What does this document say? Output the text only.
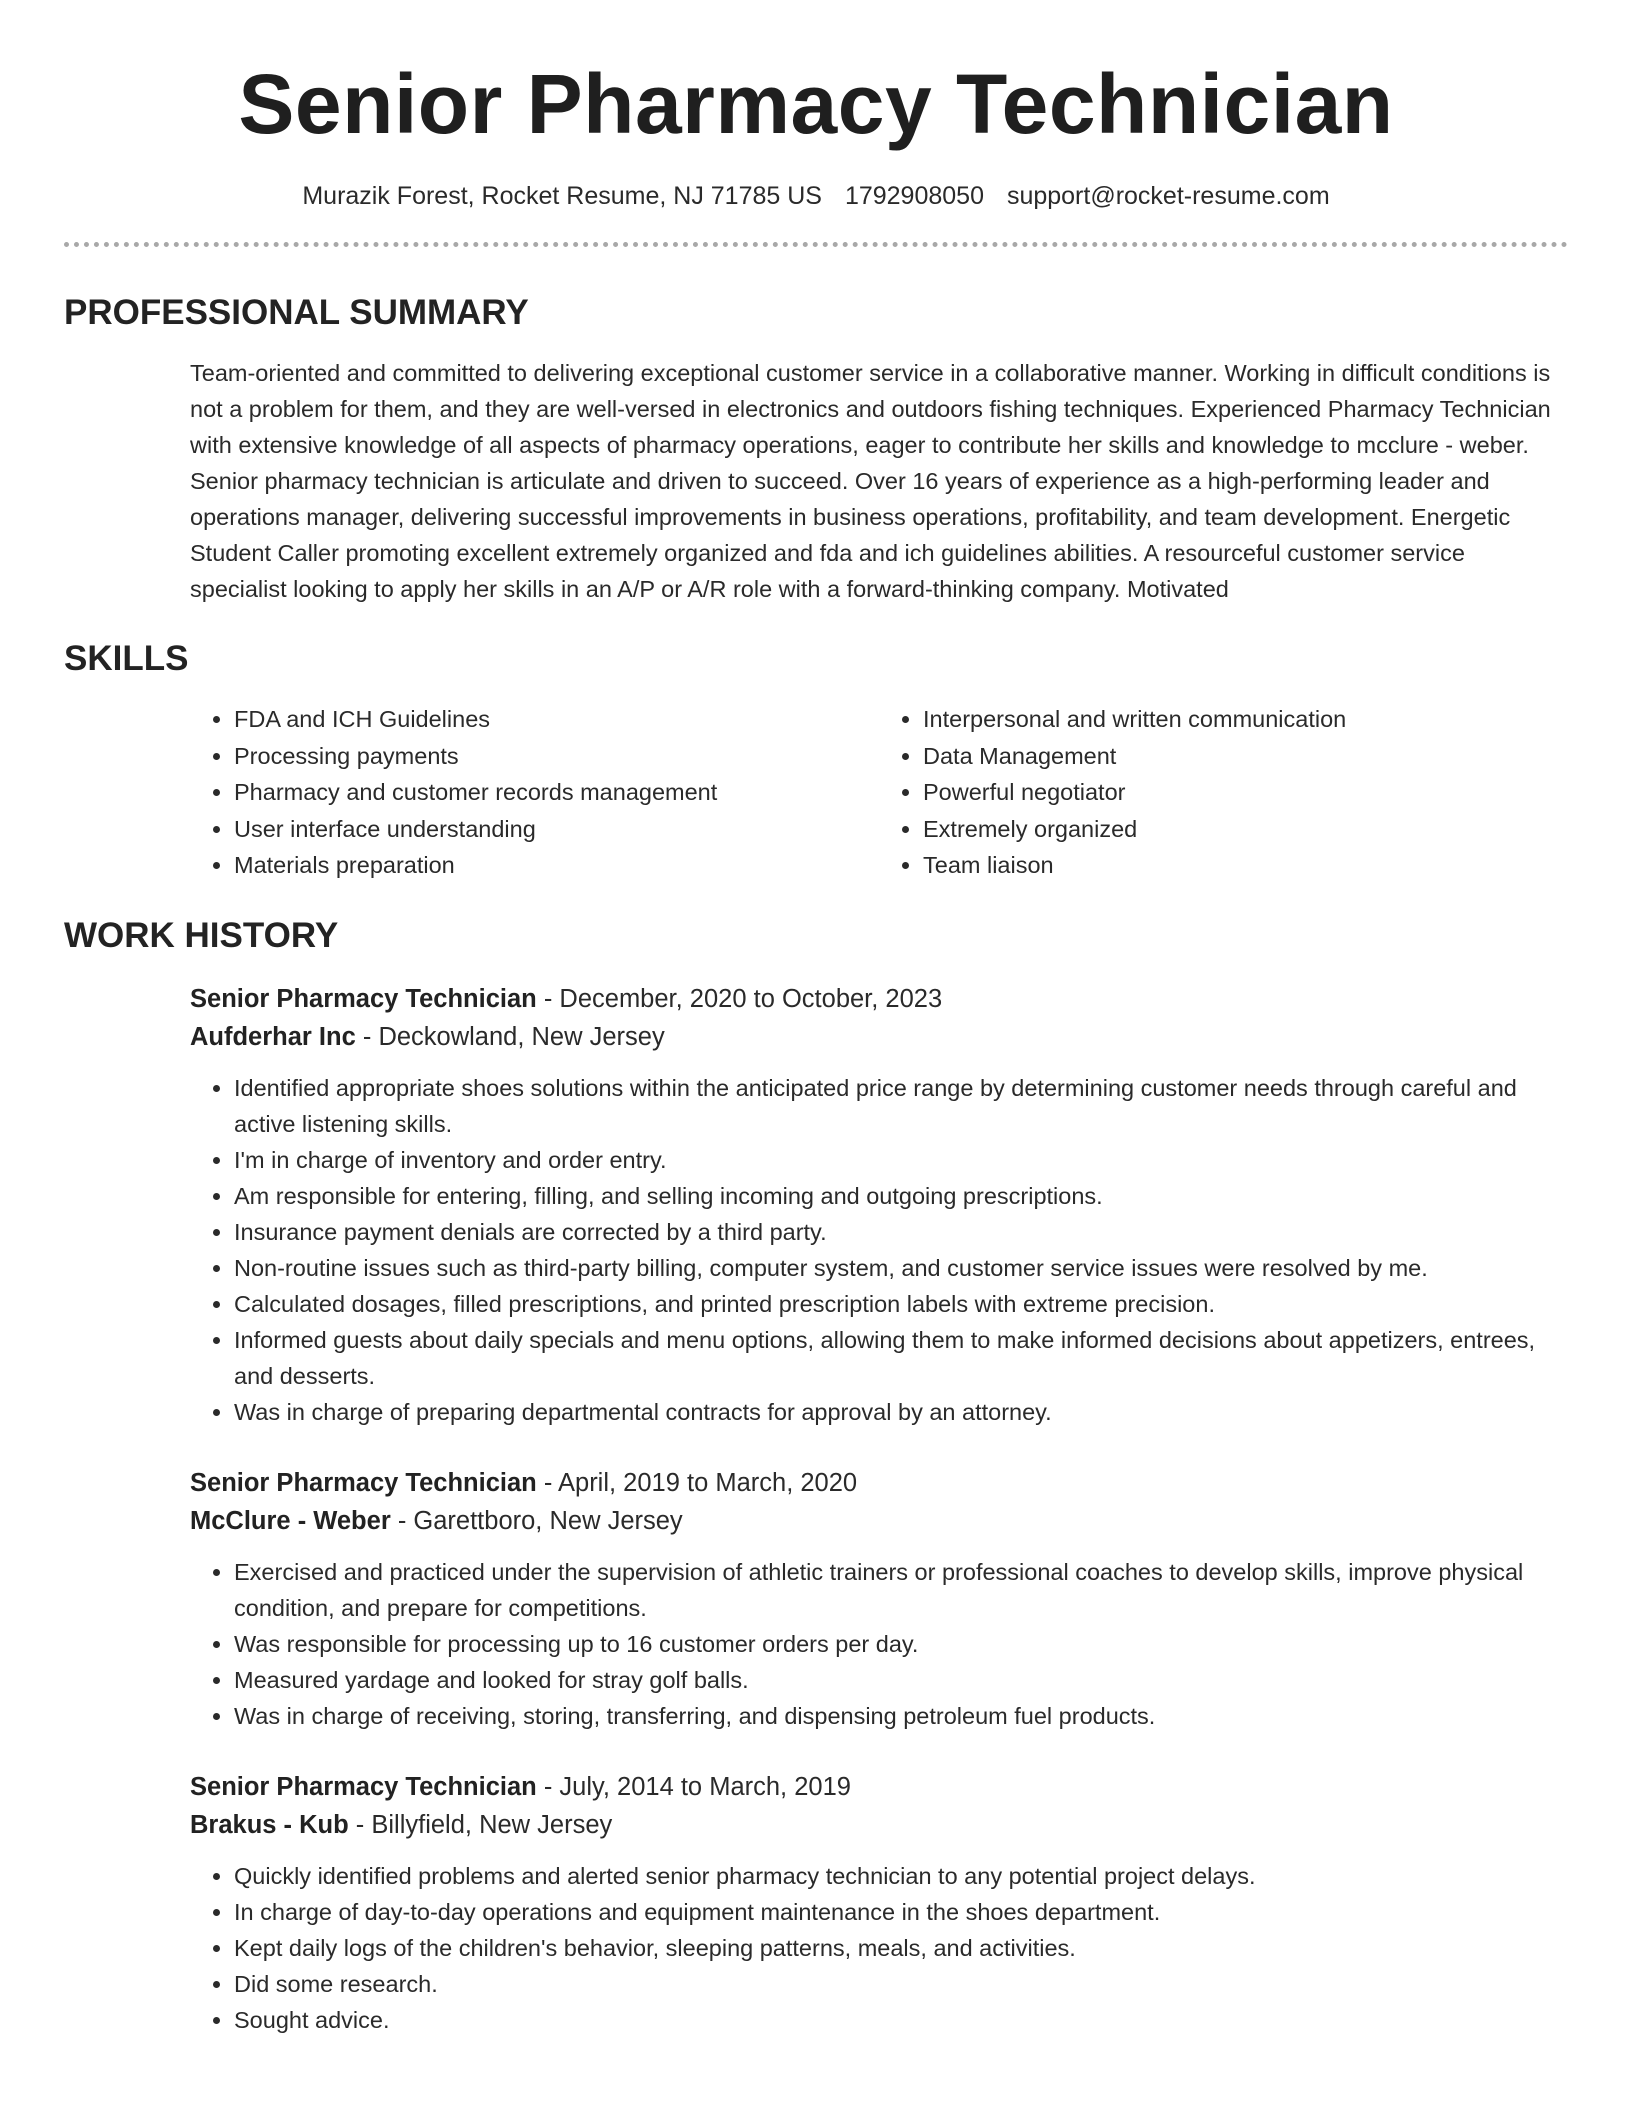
Senior Pharmacy Technician
Murazik Forest, Rocket Resume, NJ 71785 US 1792908050 support@rocket-resume.com
PROFESSIONAL SUMMARY
Team-oriented and committed to delivering exceptional customer service in a collaborative manner. Working in difficult conditions is not a problem for them, and they are well-versed in electronics and outdoors fishing techniques. Experienced Pharmacy Technician with extensive knowledge of all aspects of pharmacy operations, eager to contribute her skills and knowledge to mcclure - weber. Senior pharmacy technician is articulate and driven to succeed. Over 16 years of experience as a high-performing leader and operations manager, delivering successful improvements in business operations, profitability, and team development. Energetic Student Caller promoting excellent extremely organized and fda and ich guidelines abilities. A resourceful customer service specialist looking to apply her skills in an A/P or A/R role with a forward-thinking company. Motivated
SKILLS
• FDA and ICH Guidelines
• Processing payments
• Pharmacy and customer records management
• User interface understanding
• Materials preparation
• Interpersonal and written communication
• Data Management
• Powerful negotiator
• Extremely organized
• Team liaison
WORK HISTORY
Senior Pharmacy Technician - December, 2020 to October, 2023
Aufderhar Inc - Deckowland, New Jersey
• Identified appropriate shoes solutions within the anticipated price range by determining customer needs through careful and active listening skills.
• I'm in charge of inventory and order entry.
• Am responsible for entering, filling, and selling incoming and outgoing prescriptions.
• Insurance payment denials are corrected by a third party.
• Non-routine issues such as third-party billing, computer system, and customer service issues were resolved by me.
• Calculated dosages, filled prescriptions, and printed prescription labels with extreme precision.
• Informed guests about daily specials and menu options, allowing them to make informed decisions about appetizers, entrees, and desserts.
• Was in charge of preparing departmental contracts for approval by an attorney.
Senior Pharmacy Technician - April, 2019 to March, 2020
McClure - Weber - Garettboro, New Jersey
• Exercised and practiced under the supervision of athletic trainers or professional coaches to develop skills, improve physical condition, and prepare for competitions.
• Was responsible for processing up to 16 customer orders per day.
• Measured yardage and looked for stray golf balls.
• Was in charge of receiving, storing, transferring, and dispensing petroleum fuel products.
Senior Pharmacy Technician - July, 2014 to March, 2019
Brakus - Kub - Billyfield, New Jersey
• Quickly identified problems and alerted senior pharmacy technician to any potential project delays.
• In charge of day-to-day operations and equipment maintenance in the shoes department.
• Kept daily logs of the children's behavior, sleeping patterns, meals, and activities.
• Did some research.
• Sought advice.
